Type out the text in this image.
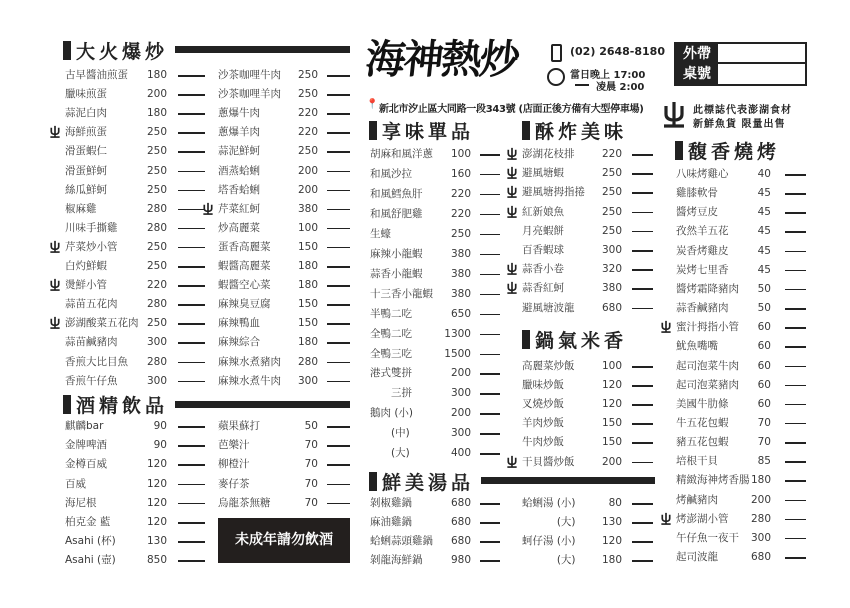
海神熱炒	(02) 2648-8180
當日晚上 17:00
凌晨 2:00
📍 新北市汐止區大同路一段343號 (店面正後方備有大型停車場)
外帶
桌號
此標誌代表澎湖食材
新鮮魚貨 限量出售
大火爆炒
酒精飲品
享味單品	酥炸美味
鍋氣米香
鮮美湯品
馥香燒烤
未成年請勿飲酒
古早醬油煎蛋 180
臘味煎蛋	200
蒜泥白肉	180
海鮮煎蛋	250
滑蛋蝦仁	250
滑蛋鮮蚵	250
絲瓜鮮蚵	250
椒麻雞	280
川味手撕雞	280
芹菜炒小管	250
白灼鮮蝦	250
燙鮮小管	220
蒜苗五花肉	280
澎湖酸菜五花肉 250
蒜苗鹹豬肉	300
香煎大比目魚 280
香煎午仔魚	300
沙茶咖哩牛肉 250
沙茶咖哩羊肉 250
蔥爆牛肉	220
蔥爆羊肉	220
蒜泥鮮蚵	250
酒蒸蛤蜊	200
塔香蛤蜊	200
芹菜紅蚵	380
炒高麗菜	100
蛋香高麗菜	150
蝦醬高麗菜	180
蝦醬空心菜	180
麻辣臭豆腐	150
麻辣鴨血	150
麻辣綜合	180
麻辣水煮豬肉 280
麻辣水煮牛肉 300
麒麟bar	90
金牌啤酒	90
金樽百威	120
百威	120
海尼根	120
柏克金 藍	120
Asahi (杯)	130
Asahi (壺)	850
蘋果蘇打	50
芭樂汁	70
柳橙汁	70
麥仔茶	70
烏龍茶無糖	70
胡麻和風洋蔥 100
和風沙拉	160
和風鱈魚肝	220
和風舒肥雞	220
生蠔	250
麻辣小龍蝦	380
蒜香小龍蝦	380
十三香小龍蝦 380
半鴨二吃	650
全鴨二吃	1300
全鴨三吃	1500
港式雙拼	200
　　三拼	300
鵝肉 (小)	200
　　(中)	300
　　(大)	400
澎湖花枝排	220
避風塘蝦	250
避風塘拇指捲 250
紅新娘魚	250
月亮蝦餅	250
百香蝦球	300
蒜香小卷	320
蒜香紅蚵	380
避風塘波龍	680
高麗菜炒飯	100
臘味炒飯	120
叉燒炒飯	120
羊肉炒飯	150
牛肉炒飯	150
干貝醬炒飯	200
剝椒雞鍋	680
麻油雞鍋	680
蛤蜊蒜頭雞鍋 680
剝龍海鮮鍋	980
蛤蜊湯 (小)	80
　　　 (大)	130
蚵仔湯 (小)	120
　　　 (大)	180
八味烤雞心	40
雞膝軟骨	45
醬烤豆皮	45
孜然羊五花	45
炭香烤雞皮	45
炭烤七里香	45
醬烤霜降豬肉 50
蒜香鹹豬肉	50
蜜汁拇指小管 60
魷魚嘴嘴	60
起司泡菜牛肉 60
起司泡菜豬肉 60
美國牛肋條	60
牛五花包蝦	70
豬五花包蝦	70
培根干貝	85
精緻海神烤香腸 180
烤鹹豬肉	200
烤澎湖小管 280
午仔魚一夜干 300
起司波龍	680
